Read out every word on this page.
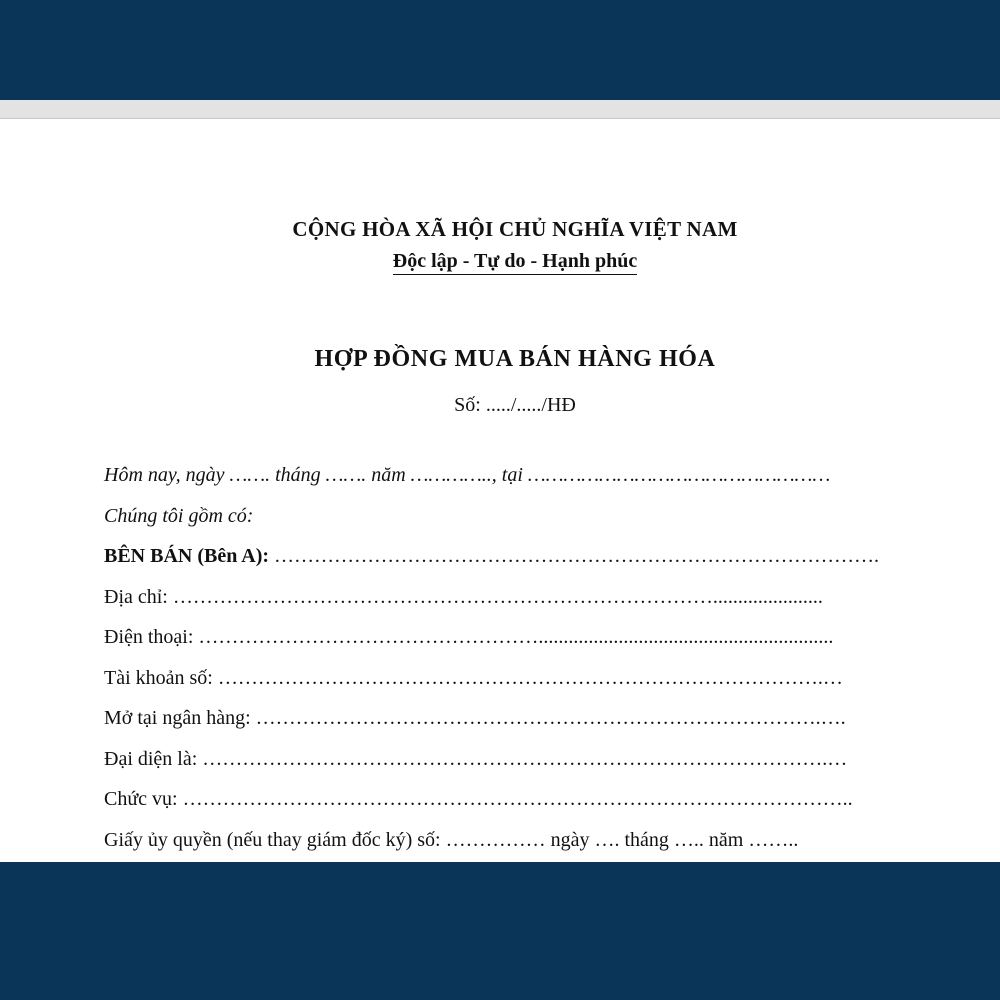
CỘNG HÒA XÃ HỘI CHỦ NGHĨA VIỆT NAM
Độc lập - Tự do - Hạnh phúc
HỢP ĐỒNG MUA BÁN HÀNG HÓA
Số: ...../...../HĐ
Hôm nay, ngày ……. tháng ……. năm ………….., tại ……………………………………………
Chúng tôi gồm có:
BÊN BÁN (Bên A): ……………………………………………………………………………….
Địa chỉ: ………………………………………………………………………......................
Điện thoại: ……………………………………………...........................................................
Tài khoản số: ……………………………………………………………………………….…
Mở tại ngân hàng: ………………………………………………………………………….….
Đại diện là: ………………………………………………………………………………….…
Chức vụ: ………………………………………………………………………………………..
Giấy ủy quyền (nếu thay giám đốc ký) số: …………… ngày …. tháng ….. năm ……..
